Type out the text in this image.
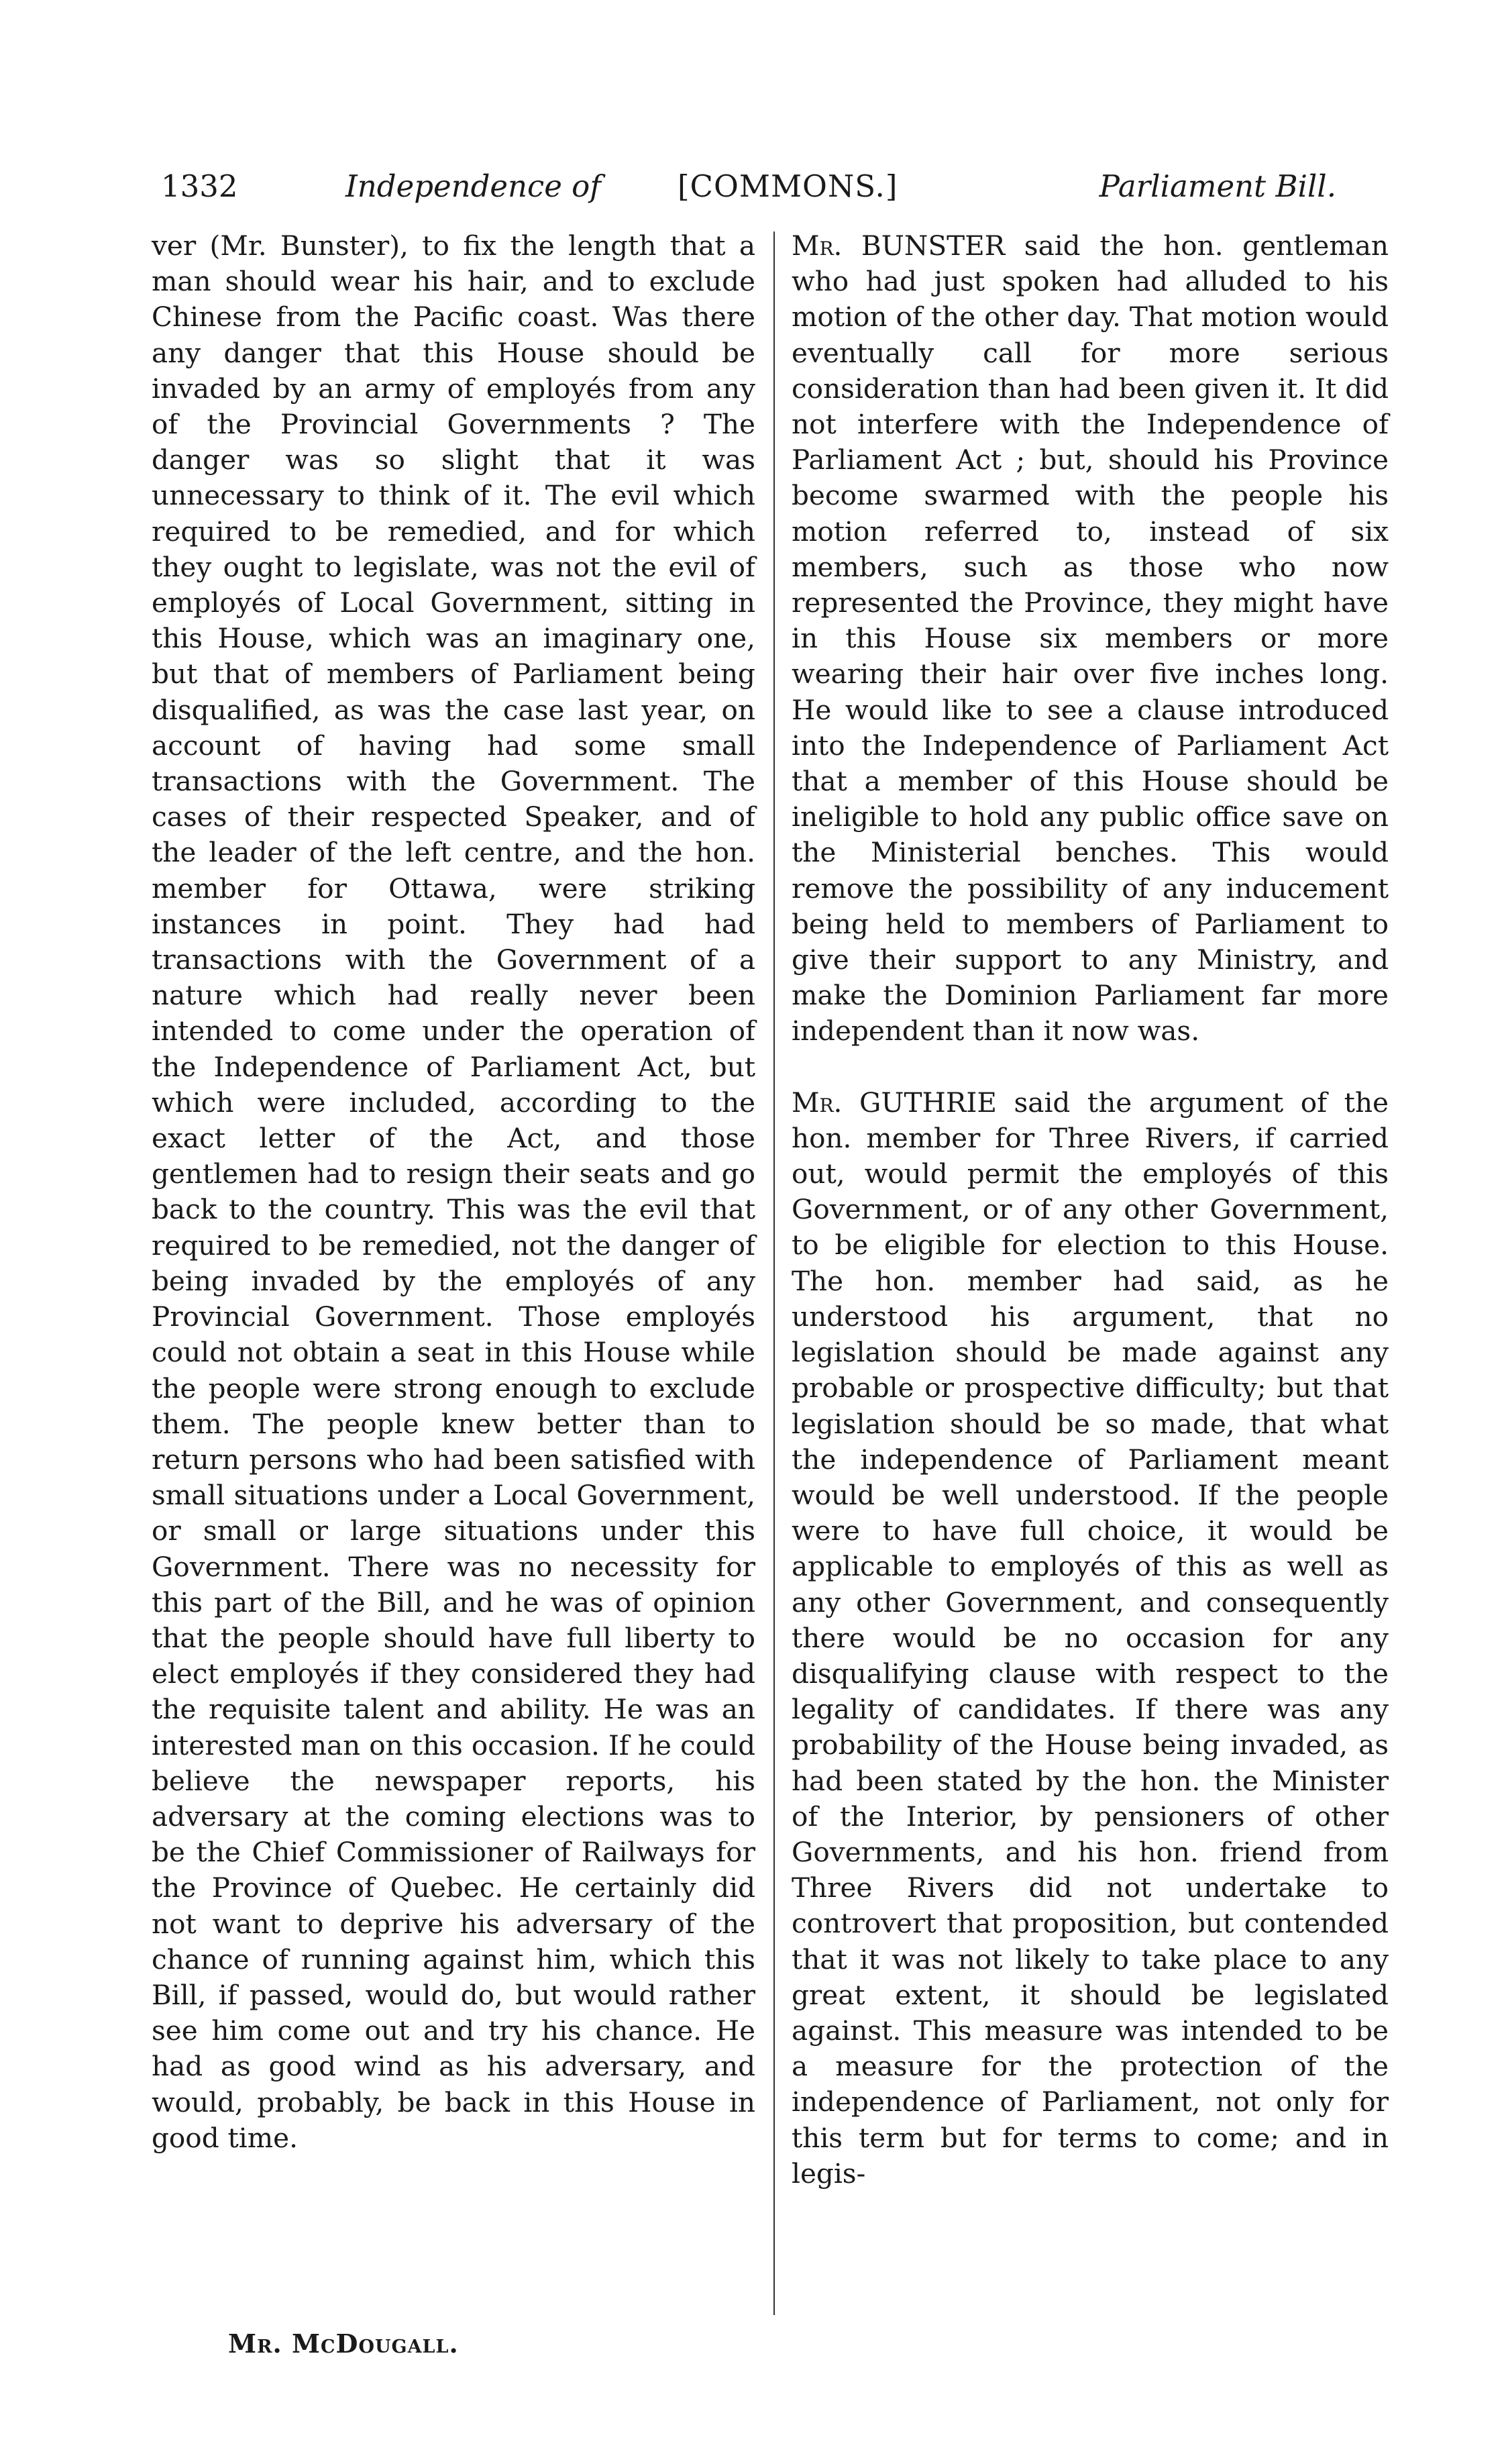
1332	Independence of	[COMMONS.]	Parliament Bill.

ver (Mr. Bunster), to fix the length that a man should wear his hair, and to exclude Chinese from the Pacific coast. Was there any danger that this House should be invaded by an army of employés from any of the Provincial Governments ? The danger was so slight that it was unnecessary to think of it. The evil which required to be remedied, and for which they ought to legislate, was not the evil of employés of Local Government, sitting in this House, which was an imaginary one, but that of members of Parliament being disqualified, as was the case last year, on account of having had some small transactions with the Government. The cases of their respected Speaker, and of the leader of the left centre, and the hon. member for Ottawa, were striking instances in point. They had had transactions with the Government of a nature which had really never been intended to come under the operation of the Independence of Parliament Act, but which were included, according to the exact letter of the Act, and those gentlemen had to resign their seats and go back to the country. This was the evil that required to be remedied, not the danger of being invaded by the employés of any Provincial Government. Those employés could not obtain a seat in this House while the people were strong enough to exclude them. The people knew better than to return persons who had been satisfied with small situations under a Local Government, or small or large situations under this Government. There was no necessity for this part of the Bill, and he was of opinion that the people should have full liberty to elect employés if they considered they had the requisite talent and ability. He was an interested man on this occasion. If he could believe the newspaper reports, his adversary at the coming elections was to be the Chief Commissioner of Railways for the Province of Quebec. He certainly did not want to deprive his adversary of the chance of running against him, which this Bill, if passed, would do, but would rather see him come out and try his chance. He had as good wind as his adversary, and would, probably, be back in this House in good time.

Mr. BUNSTER said the hon. gentleman who had just spoken had alluded to his motion of the other day. That motion would eventually call for more serious consideration than had been given it. It did not interfere with the Independence of Parliament Act ; but, should his Province become swarmed with the people his motion referred to, instead of six members, such as those who now represented the Province, they might have in this House six members or more wearing their hair over five inches long. He would like to see a clause introduced into the Independence of Parliament Act that a member of this House should be ineligible to hold any public office save on the Ministerial benches. This would remove the possibility of any inducement being held to members of Parliament to give their support to any Ministry, and make the Dominion Parliament far more independent than it now was.

Mr. GUTHRIE said the argument of the hon. member for Three Rivers, if carried out, would permit the employés of this Government, or of any other Government, to be eligible for election to this House. The hon. member had said, as he understood his argument, that no legislation should be made against any probable or prospective difficulty; but that legislation should be so made, that what the independence of Parliament meant would be well understood. If the people were to have full choice, it would be applicable to employés of this as well as any other Government, and consequently there would be no occasion for any disqualifying clause with respect to the legality of candidates. If there was any probability of the House being invaded, as had been stated by the hon. the Minister of the Interior, by pensioners of other Governments, and his hon. friend from Three Rivers did not undertake to controvert that proposition, but contended that it was not likely to take place to any great extent, it should be legislated against. This measure was intended to be a measure for the protection of the independence of Parliament, not only for this term but for terms to come; and in legis-

Mr. McDougall.
